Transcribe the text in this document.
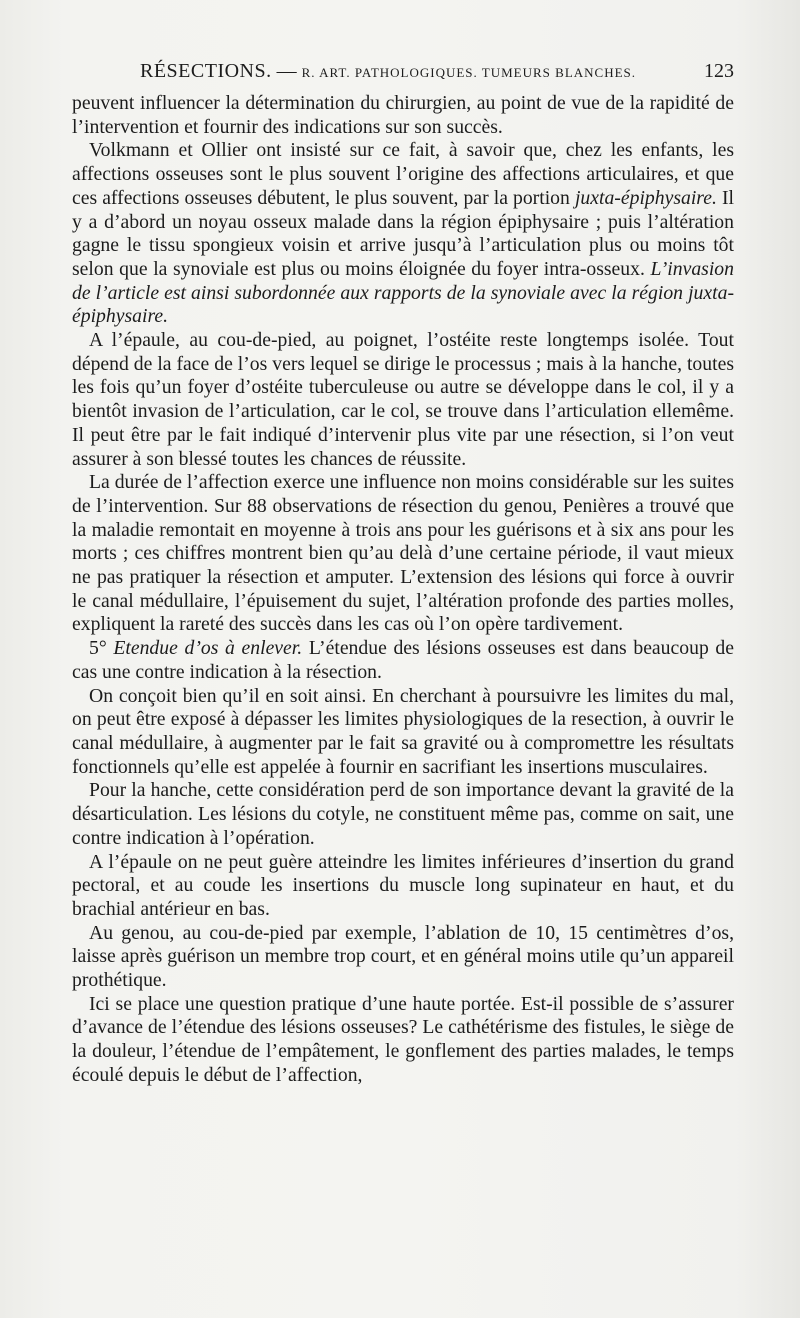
RÉSECTIONS. — R. ART. PATHOLOGIQUES. TUMEURS BLANCHES.	123

peuvent influencer la détermination du chirurgien, au point de vue de la rapidité de l’intervention et fournir des indications sur son succès.

Volkmann et Ollier ont insisté sur ce fait, à savoir que, chez les enfants, les affections osseuses sont le plus souvent l’origine des affections articulaires, et que ces affections osseuses débutent, le plus souvent, par la portion juxta-épiphysaire. Il y a d’abord un noyau osseux malade dans la région épiphysaire ; puis l’altération gagne le tissu spongieux voisin et arrive jusqu’à l’articulation plus ou moins tôt selon que la synoviale est plus ou moins éloignée du foyer intra-osseux. L’invasion de l’article est ainsi subordonnée aux rapports de la synoviale avec la région juxta-épiphysaire.

A l’épaule, au cou-de-pied, au poignet, l’ostéite reste longtemps isolée. Tout dépend de la face de l’os vers lequel se dirige le processus ; mais à la hanche, toutes les fois qu’un foyer d’ostéite tuberculeuse ou autre se développe dans le col, il y a bientôt invasion de l’articulation, car le col, se trouve dans l’articulation ellemême. Il peut être par le fait indiqué d’intervenir plus vite par une résection, si l’on veut assurer à son blessé toutes les chances de réussite.

La durée de l’affection exerce une influence non moins considérable sur les suites de l’intervention. Sur 88 observations de résection du genou, Penières a trouvé que la maladie remontait en moyenne à trois ans pour les guérisons et à six ans pour les morts ; ces chiffres montrent bien qu’au delà d’une certaine période, il vaut mieux ne pas pratiquer la résection et amputer. L’extension des lésions qui force à ouvrir le canal médullaire, l’épuisement du sujet, l’altération profonde des parties molles, expliquent la rareté des succès dans les cas où l’on opère tardivement.

5° Etendue d’os à enlever. L’étendue des lésions osseuses est dans beaucoup de cas une contre indication à la résection.

On conçoit bien qu’il en soit ainsi. En cherchant à poursuivre les limites du mal, on peut être exposé à dépasser les limites physiologiques de la resection, à ouvrir le canal médullaire, à augmenter par le fait sa gravité ou à compromettre les résultats fonctionnels qu’elle est appelée à fournir en sacrifiant les insertions musculaires.

Pour la hanche, cette considération perd de son importance devant la gravité de la désarticulation. Les lésions du cotyle, ne constituent même pas, comme on sait, une contre indication à l’opération.

A l’épaule on ne peut guère atteindre les limites inférieures d’insertion du grand pectoral, et au coude les insertions du muscle long supinateur en haut, et du brachial antérieur en bas.

Au genou, au cou-de-pied par exemple, l’ablation de 10, 15 centimètres d’os, laisse après guérison un membre trop court, et en général moins utile qu’un appareil prothétique.

Ici se place une question pratique d’une haute portée. Est-il possible de s’assurer d’avance de l’étendue des lésions osseuses? Le cathétérisme des fistules, le siège de la douleur, l’étendue de l’empâtement, le gonflement des parties malades, le temps écoulé depuis le début de l’affection,
